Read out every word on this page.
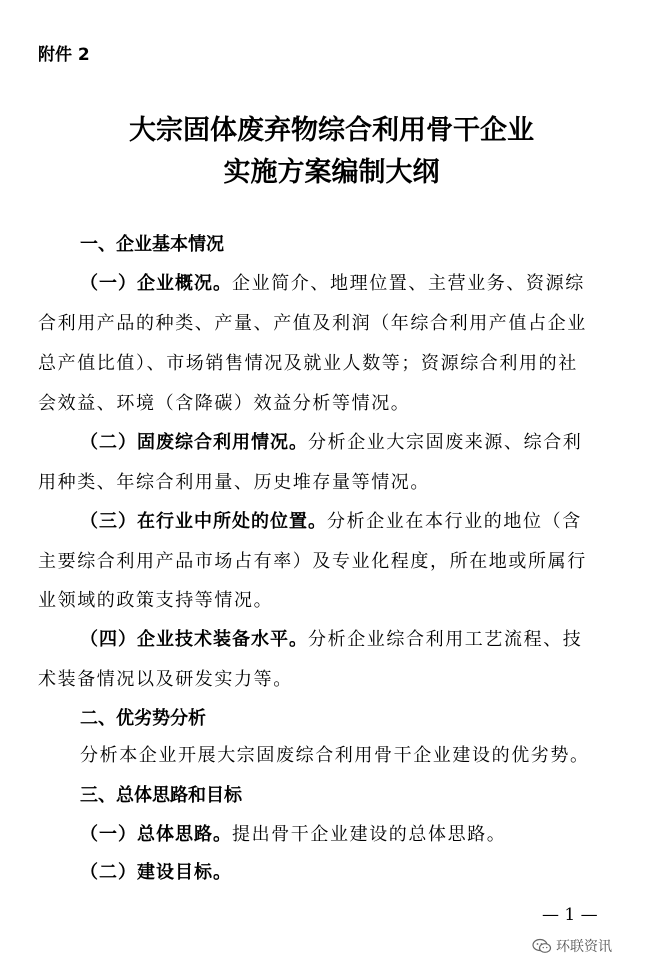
附件 2
大宗固体废弃物综合利用骨干企业
实施方案编制大纲
一、企业基本情况
（一）企业概况。企业简介、地理位置、主营业务、资源综
合利用产品的种类、产量、产值及利润（年综合利用产值占企业
总产值比值）、市场销售情况及就业人数等；资源综合利用的社
会效益、环境（含降碳）效益分析等情况。
（二）固废综合利用情况。分析企业大宗固废来源、综合利
用种类、年综合利用量、历史堆存量等情况。
（三）在行业中所处的位置。分析企业在本行业的地位（含
主要综合利用产品市场占有率）及专业化程度，所在地或所属行
业领域的政策支持等情况。
（四）企业技术装备水平。分析企业综合利用工艺流程、技
术装备情况以及研发实力等。
二、优劣势分析
分析本企业开展大宗固废综合利用骨干企业建设的优劣势。
三、总体思路和目标
（一）总体思路。提出骨干企业建设的总体思路。
（二）建设目标。
— 1 —
环联资讯
